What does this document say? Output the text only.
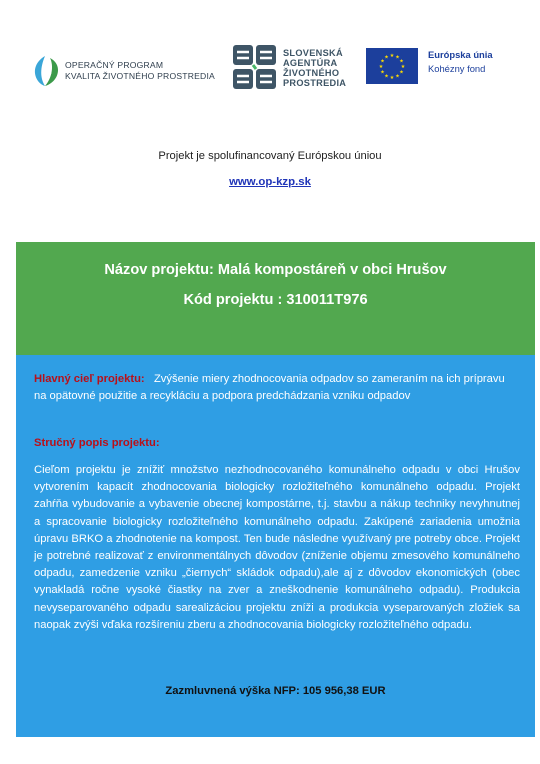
OPERAČNÝ PROGRAM
KVALITA ŽIVOTNÉHO PROSTREDIA
SLOVENSKÁ
AGENTÚRA
ŽIVOTNÉHO
PROSTREDIA
★ ★
★
★
★
★
★
★
★
★
★
★	Európska únia
Kohézny fond
Projekt je spolufinancovaný Európskou úniou
www.op-kzp.sk
Názov projektu: Malá kompostáreň v obci Hrušov
Kód projektu : 310011T976
Hlavný cieľ projektu: Zvýšenie miery zhodnocovania odpadov so zameraním na ich prípravu na opätovné použitie a recykláciu a podpora predchádzania vzniku odpadov
Stručný popis projektu:

Cieľom projektu je znížiť množstvo nezhodnocovaného komunálneho odpadu v obci Hrušov vytvorením kapacít zhodnocovania biologicky rozložiteľného komunálneho odpadu. Projekt zahŕňa vybudovanie a vybavenie obecnej kompostárne, t.j. stavbu a nákup techniky nevyhnutnej a spracovanie biologicky rozložiteľného komunálneho odpadu. Zakúpené zariadenia umožnia úpravu BRKO a zhodnotenie na kompost. Ten bude následne využívaný pre potreby obce. Projekt je potrebné realizovať z environmentálnych dôvodov (zníženie objemu zmesového komunálneho odpadu, zamedzenie vzniku „čiernych“ skládok odpadu),ale aj z dôvodov ekonomických (obec vynakladá ročne vysoké čiastky na zver a zneškodnenie komunálneho odpadu). Produkcia nevyseparovaného odpadu sarealizáciou projektu zníži a produkcia vyseparovaných zložiek sa naopak zvýši vďaka rozšíreniu zberu a zhodnocovania biologicky rozložiteľného odpadu.

Zazmluvnená výška NFP: 105 956,38 EUR
